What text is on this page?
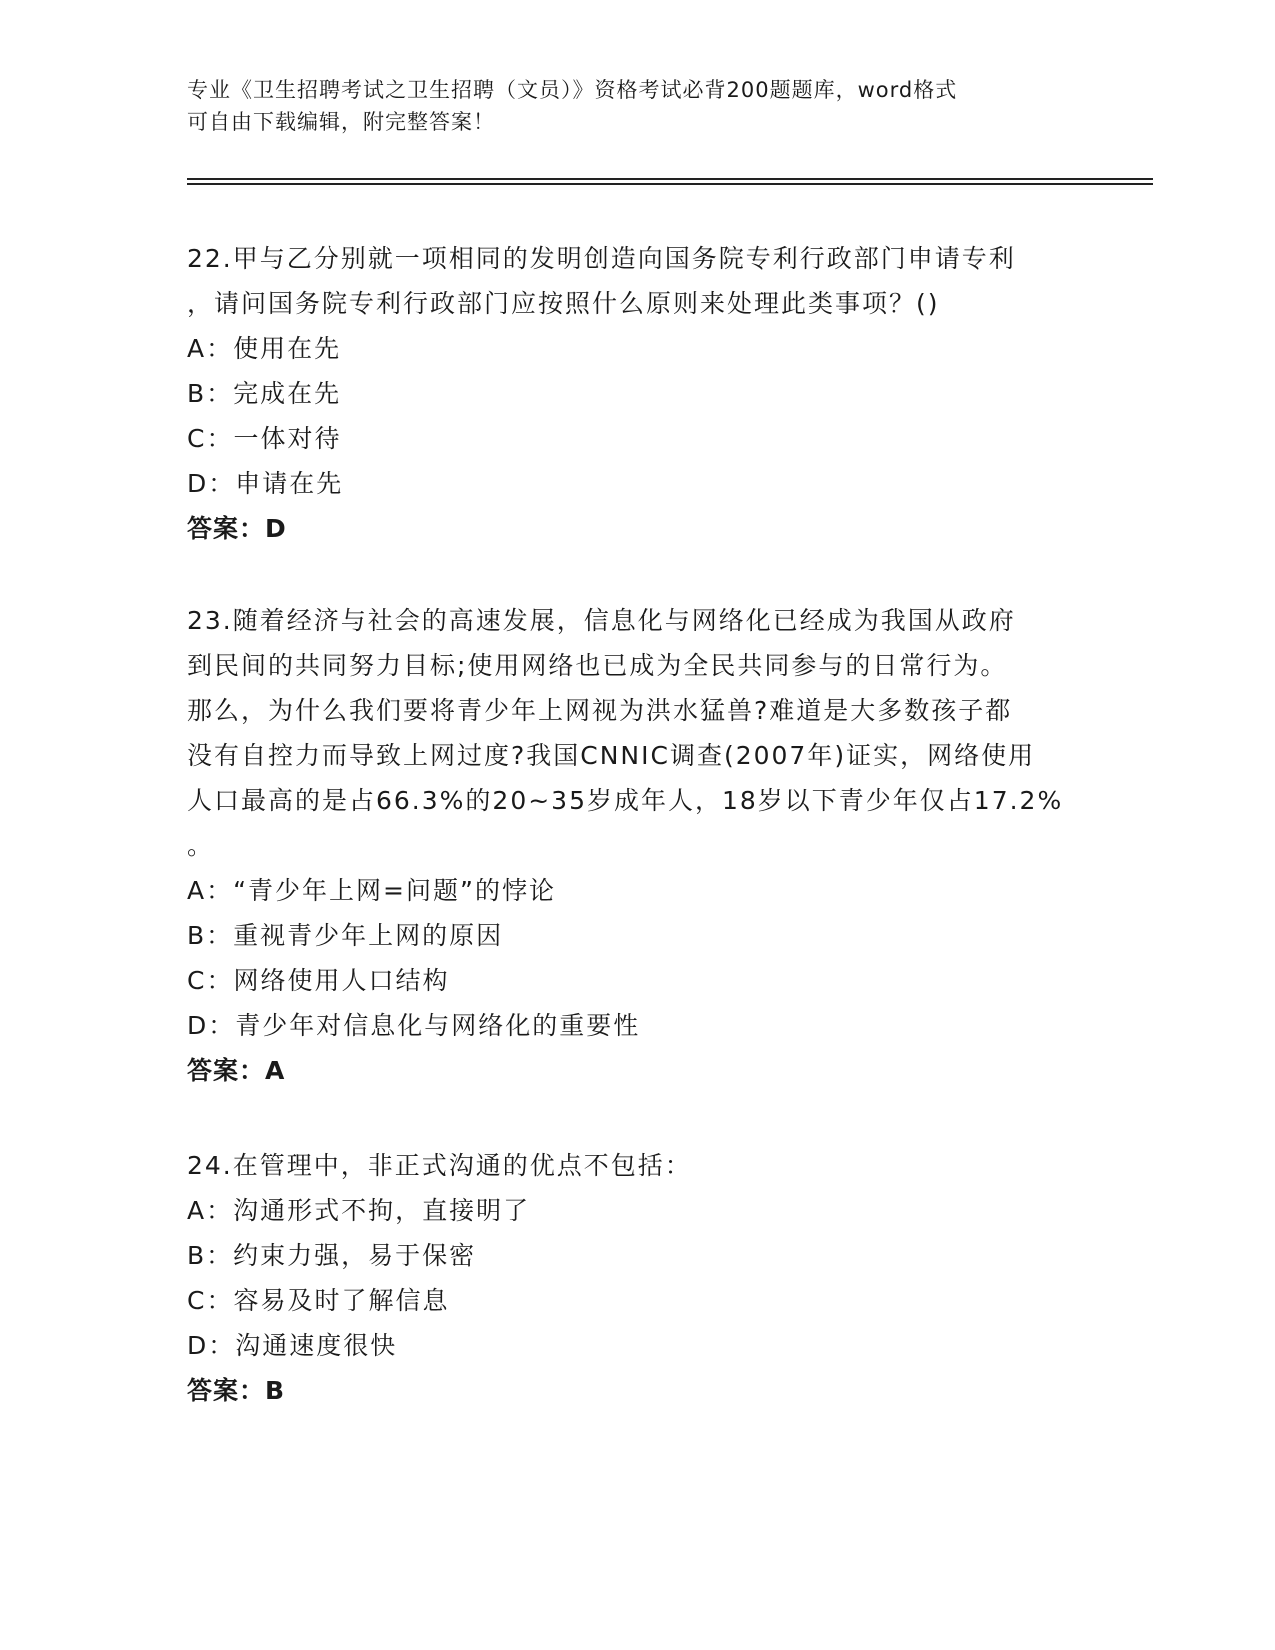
专业《卫生招聘考试之卫生招聘（文员）》资格考试必背200题题库，word格式
可自由下载编辑，附完整答案！
22.甲与乙分别就一项相同的发明创造向国务院专利行政部门申请专利
，请问国务院专利行政部门应按照什么原则来处理此类事项？()
A：使用在先
B：完成在先
C：一体对待
D：申请在先
答案：D
23.随着经济与社会的高速发展，信息化与网络化已经成为我国从政府
到民间的共同努力目标;使用网络也已成为全民共同参与的日常行为。
那么，为什么我们要将青少年上网视为洪水猛兽?难道是大多数孩子都
没有自控力而导致上网过度?我国CNNIC调查(2007年)证实，网络使用
人口最高的是占66.3%的20~35岁成年人，18岁以下青少年仅占17.2%
。
A：“青少年上网=问题”的悖论
B：重视青少年上网的原因
C：网络使用人口结构
D：青少年对信息化与网络化的重要性
答案：A
24.在管理中，非正式沟通的优点不包括：
A：沟通形式不拘，直接明了
B：约束力强，易于保密
C：容易及时了解信息
D：沟通速度很快
答案：B
